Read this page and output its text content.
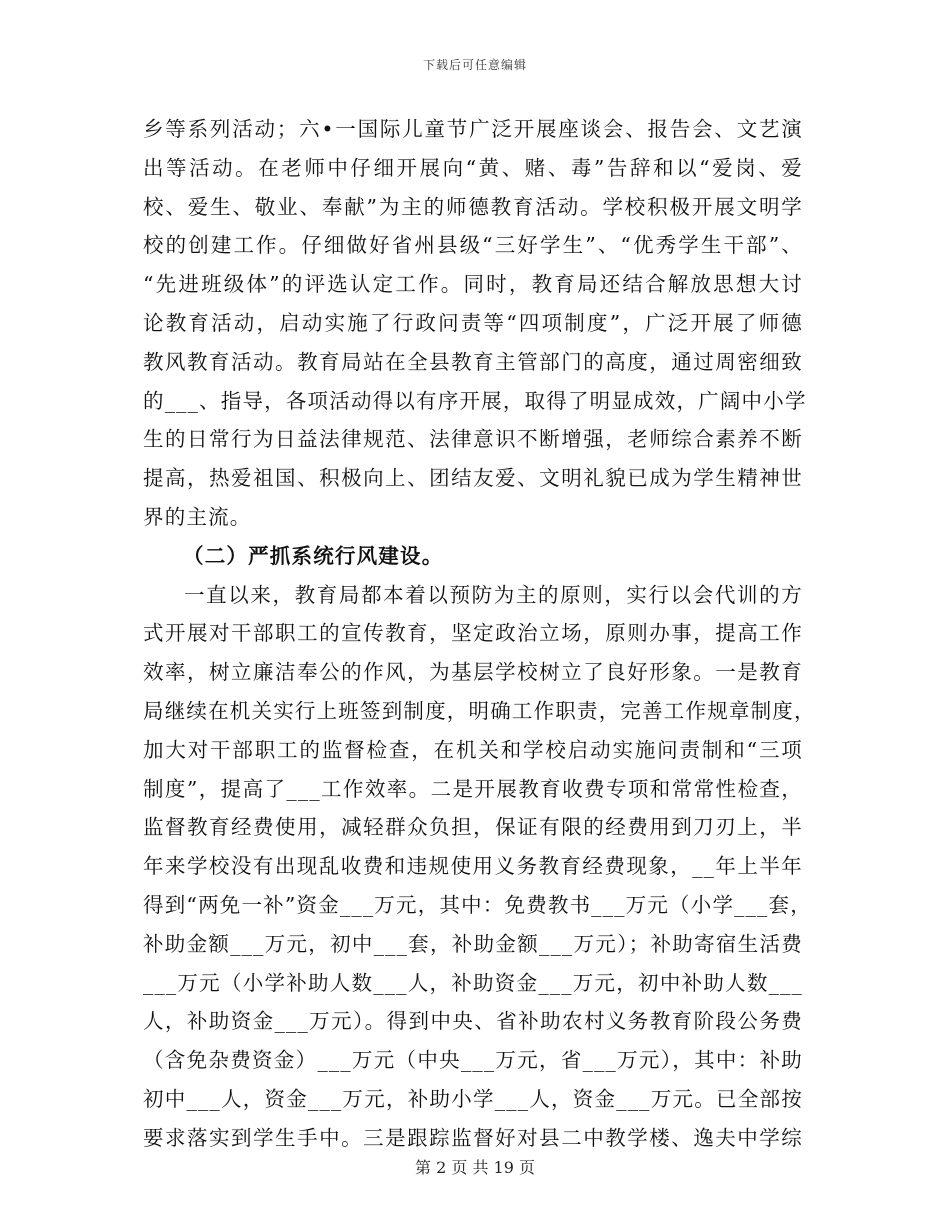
下载后可任意编辑
乡等系列活动；六•一国际儿童节广泛开展座谈会、报告会、文艺演
出等活动。在老师中仔细开展向“黄、赌、毒”告辞和以“爱岗、爱
校、爱生、敬业、奉献”为主的师德教育活动。学校积极开展文明学
校的创建工作。仔细做好省州县级“三好学生”、“优秀学生干部”、
“先进班级体”的评选认定工作。同时，教育局还结合解放思想大讨
论教育活动，启动实施了行政问责等“四项制度”，广泛开展了师德
教风教育活动。教育局站在全县教育主管部门的高度，通过周密细致
的___、指导，各项活动得以有序开展，取得了明显成效，广阔中小学
生的日常行为日益法律规范、法律意识不断增强，老师综合素养不断
提高，热爱祖国、积极向上、团结友爱、文明礼貌已成为学生精神世
界的主流。
（二）严抓系统行风建设。
一直以来，教育局都本着以预防为主的原则，实行以会代训的方
式开展对干部职工的宣传教育，坚定政治立场，原则办事，提高工作
效率，树立廉洁奉公的作风，为基层学校树立了良好形象。一是教育
局继续在机关实行上班签到制度，明确工作职责，完善工作规章制度，
加大对干部职工的监督检查，在机关和学校启动实施问责制和“三项
制度”，提高了___工作效率。二是开展教育收费专项和常常性检查，
监督教育经费使用，减轻群众负担，保证有限的经费用到刀刃上，半
年来学校没有出现乱收费和违规使用义务教育经费现象，__年上半年
得到“两免一补”资金___万元，其中：免费教书___万元（小学___套，
补助金额___万元，初中___套，补助金额___万元）；补助寄宿生活费
___万元（小学补助人数___人，补助资金___万元，初中补助人数___
人，补助资金___万元）。得到中央、省补助农村义务教育阶段公务费
（含免杂费资金）___万元（中央___万元，省___万元），其中：补助
初中___人，资金___万元，补助小学___人，资金___万元。已全部按
要求落实到学生手中。三是跟踪监督好对县二中教学楼、逸夫中学综
第 2 页 共 19 页
